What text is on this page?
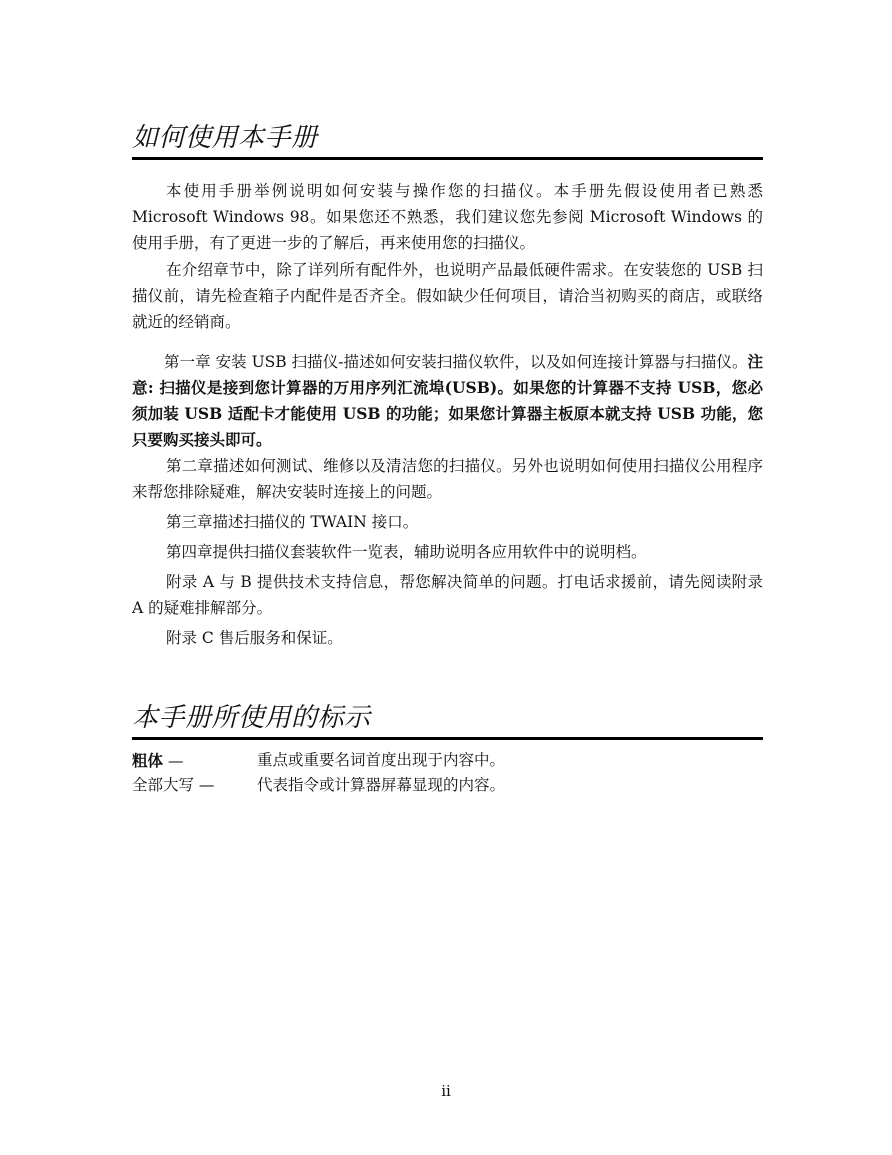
如何使用本手册

本使用手册举例说明如何安装与操作您的扫描仪。本手册先假设使用者已熟悉 Microsoft Windows 98。如果您还不熟悉，我们建议您先参阅 Microsoft Windows 的使用手册，有了更进一步的了解后，再来使用您的扫描仪。

在介绍章节中，除了详列所有配件外，也说明产品最低硬件需求。在安装您的 USB 扫描仪前，请先检查箱子内配件是否齐全。假如缺少任何项目，请洽当初购买的商店，或联络就近的经销商。

第一章 安装 USB 扫描仪-描述如何安装扫描仪软件，以及如何连接计算器与扫描仪。注意: 扫描仪是接到您计算器的万用序列汇流埠(USB)。如果您的计算器不支持 USB，您必须加装 USB 适配卡才能使用 USB 的功能；如果您计算器主板原本就支持 USB 功能，您只要购买接头即可。

第二章描述如何测试、维修以及清洁您的扫描仪。另外也说明如何使用扫描仪公用程序来帮您排除疑难，解决安装时连接上的问题。

第三章描述扫描仪的 TWAIN 接口。

第四章提供扫描仪套装软件一览表，辅助说明各应用软件中的说明档。

附录 A 与 B 提供技术支持信息，帮您解决简单的问题。打电话求援前，请先阅读附录 A 的疑难排解部分。

附录 C 售后服务和保证。

本手册所使用的标示
粗体 —	重点或重要名词首度出现于内容中。
全部大写 —	代表指令或计算器屏幕显现的内容。
ii
